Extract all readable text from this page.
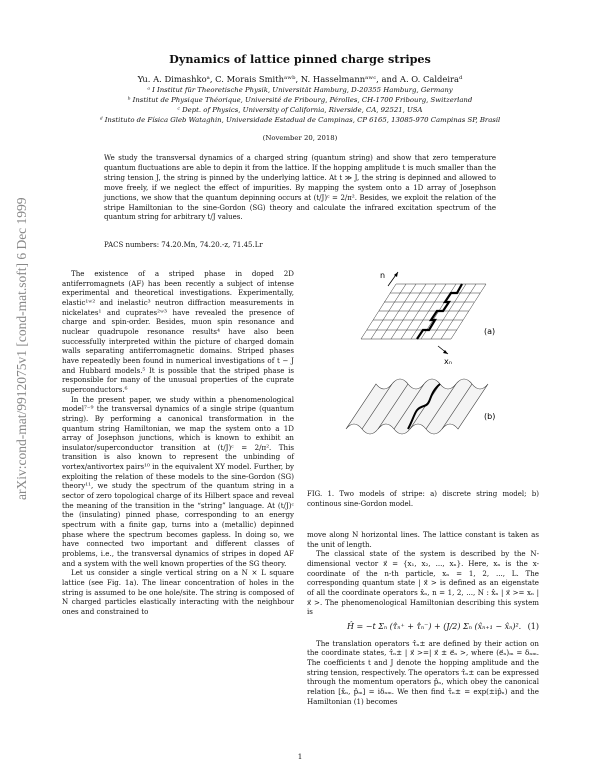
Dynamics of lattice pinned charge stripes
Yu. A. Dimashkoᵃ, C. Morais Smithᵃʷᵇ, N. Hasselmannᵃʷᶜ, and A. O. Caldeiraᵈ
ᵃ I Institut für Theoretische Physik, Universität Hamburg, D-20355 Hamburg, Germany
ᵇ Institut de Physique Théorique, Université de Fribourg, Pérolles, CH-1700 Fribourg, Switzerland
ᶜ Dept. of Physics, University of California, Riverside, CA, 92521, USA
ᵈ Instituto de Física Gleb Wataghin, Universidade Estadual de Campinas, CP 6165, 13085-970 Campinas SP, Brasil
(November 20, 2018)
We study the transversal dynamics of a charged string (quantum string) and show that zero temperature quantum fluctuations are able to depin it from the lattice. If the hopping amplitude t is much smaller than the string tension J, the string is pinned by the underlying lattice. At t ≫ J, the string is depinned and allowed to move freely, if we neglect the effect of impurities. By mapping the system onto a 1D array of Josephson junctions, we show that the quantum depinning occurs at (t/J)ᶜ = 2/π². Besides, we exploit the relation of the stripe Hamiltonian to the sine-Gordon (SG) theory and calculate the infrared excitation spectrum of the quantum string for arbitrary t/J values.
PACS numbers: 74.20.Mn, 74.20.-z, 71.45.Lr
arXiv:cond-mat/9912075v1 [cond-mat.soft] 6 Dec 1999	The existence of a striped phase in doped 2D antiferromagnets (AF) has been recently a subject of intense experimental and theoretical investigations. Experimentally, elastic¹ʷ² and inelastic³ neutron diffraction measurements in nickelates¹ and cuprates²ʷ³ have revealed the presence of charge and spin-order. Besides, muon spin resonance and nuclear quadrupole resonance results⁴ have also been successfully interpreted within the picture of charged domain walls separating antiferromagnetic domains. Striped phases have repeatedly been found in numerical investigations of t − J and Hubbard models.⁵ It is possible that the striped phase is responsible for many of the unusual properties of the cuprate superconductors.⁶

In the present paper, we study within a phenomenological model⁷⁻⁹ the transversal dynamics of a single stripe (quantum string). By performing a canonical transformation in the quantum string Hamiltonian, we map the system onto a 1D array of Josephson junctions, which is known to exhibit an insulator/superconductor transition at (t/J)ᶜ = 2/π². This transition is also known to represent the unbinding of vortex/antivortex pairs¹⁰ in the equivalent XY model. Further, by exploiting the relation of these models to the sine-Gordon (SG) theory¹¹, we study the spectrum of the quantum string in a sector of zero topological charge of its Hilbert space and reveal the meaning of the transition in the “string” language. At (t/J)ᶜ the (insulating) pinned phase, corresponding to an energy spectrum with a finite gap, turns into a (metallic) depinned phase where the spectrum becomes gapless. In doing so, we have connected two important and different classes of problems, i.e., the transversal dynamics of stripes in doped AF and a system with the well known properties of the SG theory.

Let us consider a single vertical string on a N × L square lattice (see Fig. 1a). The linear concentration of holes in the string is assumed to be one hole/site. The string is composed of N charged particles elastically interacting with the neighbour ones and constrained to

n
xₙ
(a)
(b)
FIG. 1. Two models of stripe: a) discrete string model; b) continous sine-Gordon model.

move along N horizontal lines. The lattice constant is taken as the unit of length.

The classical state of the system is described by the N-dimensional vector x⃗ = {x₁, x₂, ..., xₙ}. Here, xₙ is the x-coordinate of the n-th particle, xₙ = 1, 2, ..., L. The corresponding quantum state | x⃗ > is defined as an eigenstate of all the coordinate operators x̂ₙ, n = 1, 2, ..., N : x̂ₙ | x⃗ >= xₙ | x⃗ >. The phenomenological Hamiltonian describing this system is

Ĥ = −t Σₙ (τ̂ₙ⁺ + τ̂ₙ⁻) + (J/2) Σₙ (x̂ₙ₊₁ − x̂ₙ)². (1)

The translation operators τ̂ₙ± are defined by their action on the coordinate states, τ̂ₙ± | x⃗ >=| x⃗ ± e⃗ₙ >, where (e⃗ₙ)ₘ = δₙₘ. The coefficients t and J denote the hopping amplitude and the string tension, respectively. The operators τ̂ₙ± can be expressed through the momentum operators p̂ₙ, which obey the canonical relation [x̂ₙ, p̂ₘ] = iδₙₘ. We then find τ̂ₙ± = exp(±ip̂ₙ) and the Hamiltonian (1) becomes

1
